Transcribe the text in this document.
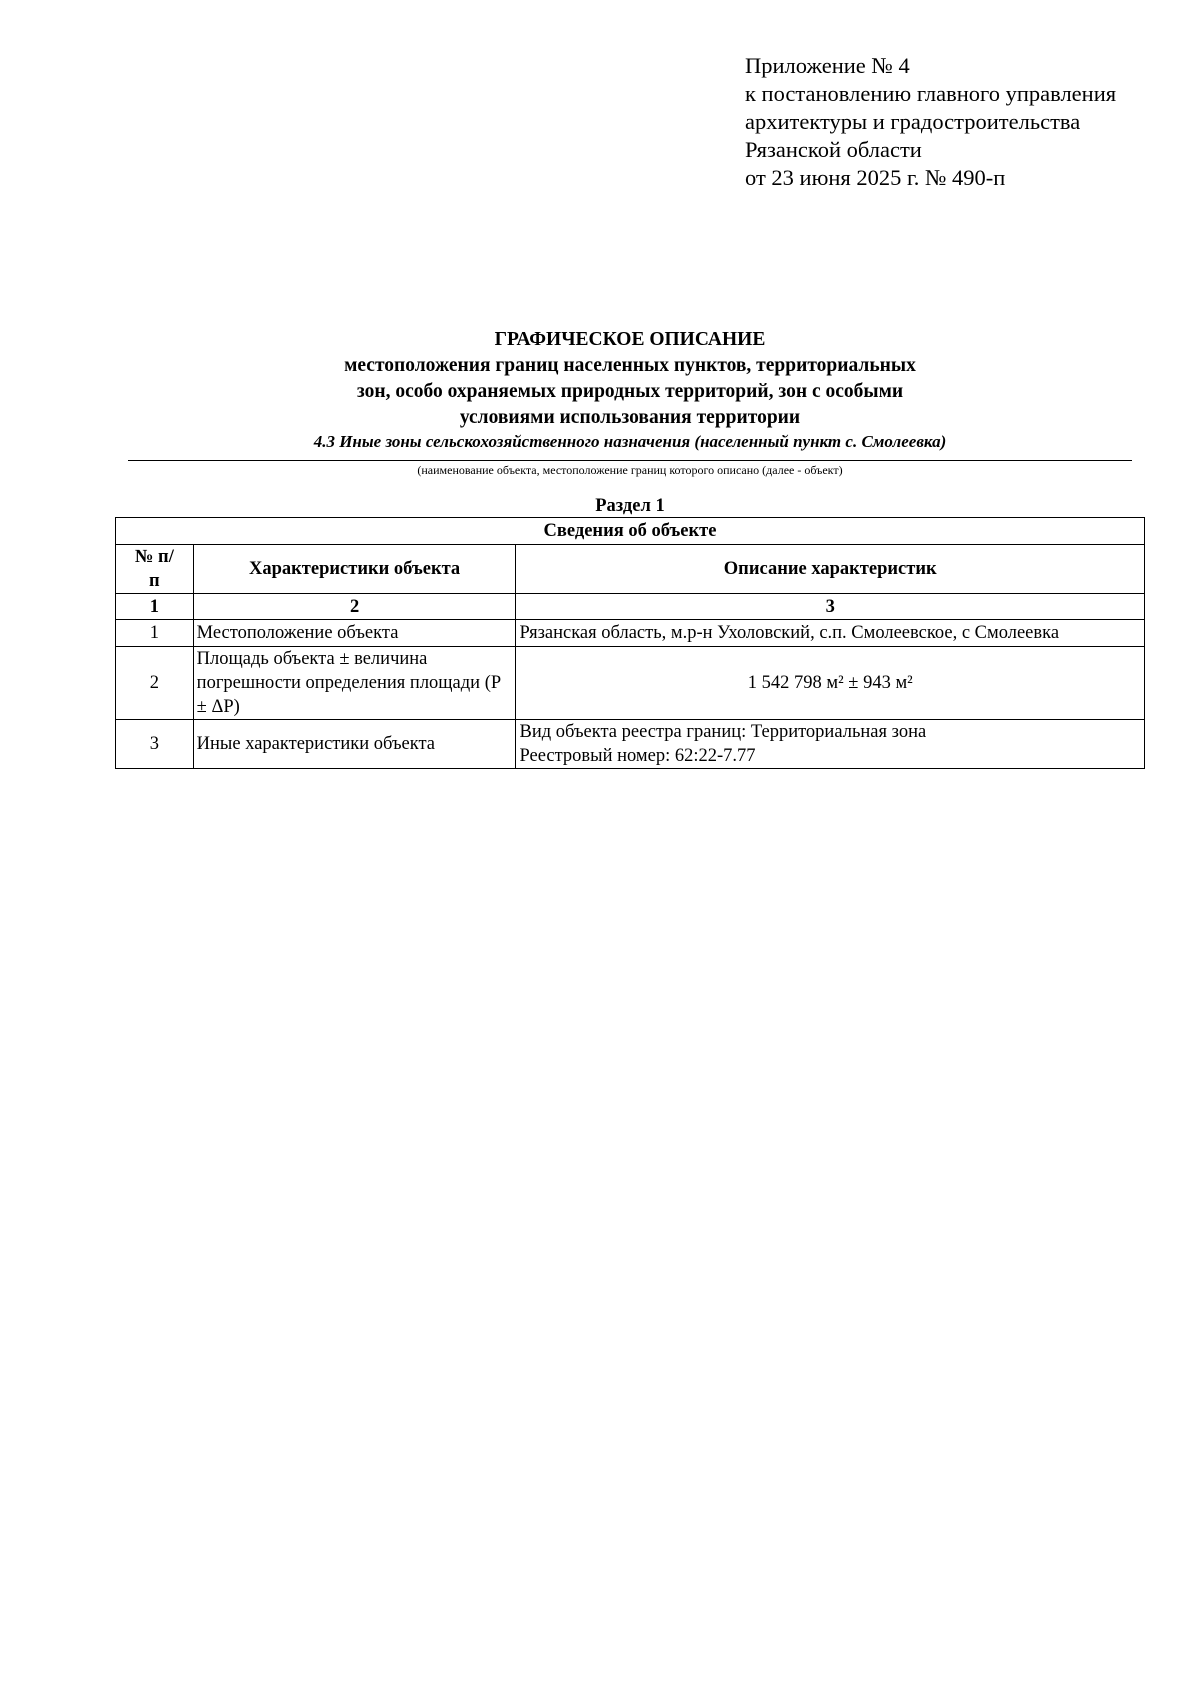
Приложение № 4
к постановлению главного управления
архитектуры и градостроительства
Рязанской области
от 23 июня 2025 г. № 490-п
ГРАФИЧЕСКОЕ ОПИСАНИЕ
местоположения границ населенных пунктов, территориальных
зон, особо охраняемых природных территорий, зон с особыми
условиями использования территории
4.3 Иные зоны сельскохозяйственного назначения (населенный пункт с. Смолеевка)
(наименование объекта, местоположение границ которого описано (далее - объект)
Раздел 1
Сведения об объекте		
№ п/п	Характеристики объекта	Описание характеристик
1	2	3
1	Местоположение объекта	Рязанская область, м.р-н Ухоловский, с.п. Смолеевское, с Смолеевка
2	Площадь объекта ± величина погрешности определения площади (P ± ΔP)	1 542 798 м² ± 943 м²
3	Иные характеристики объекта	Вид объекта реестра границ: Территориальная зона
Реестровый номер: 62:22-7.77
